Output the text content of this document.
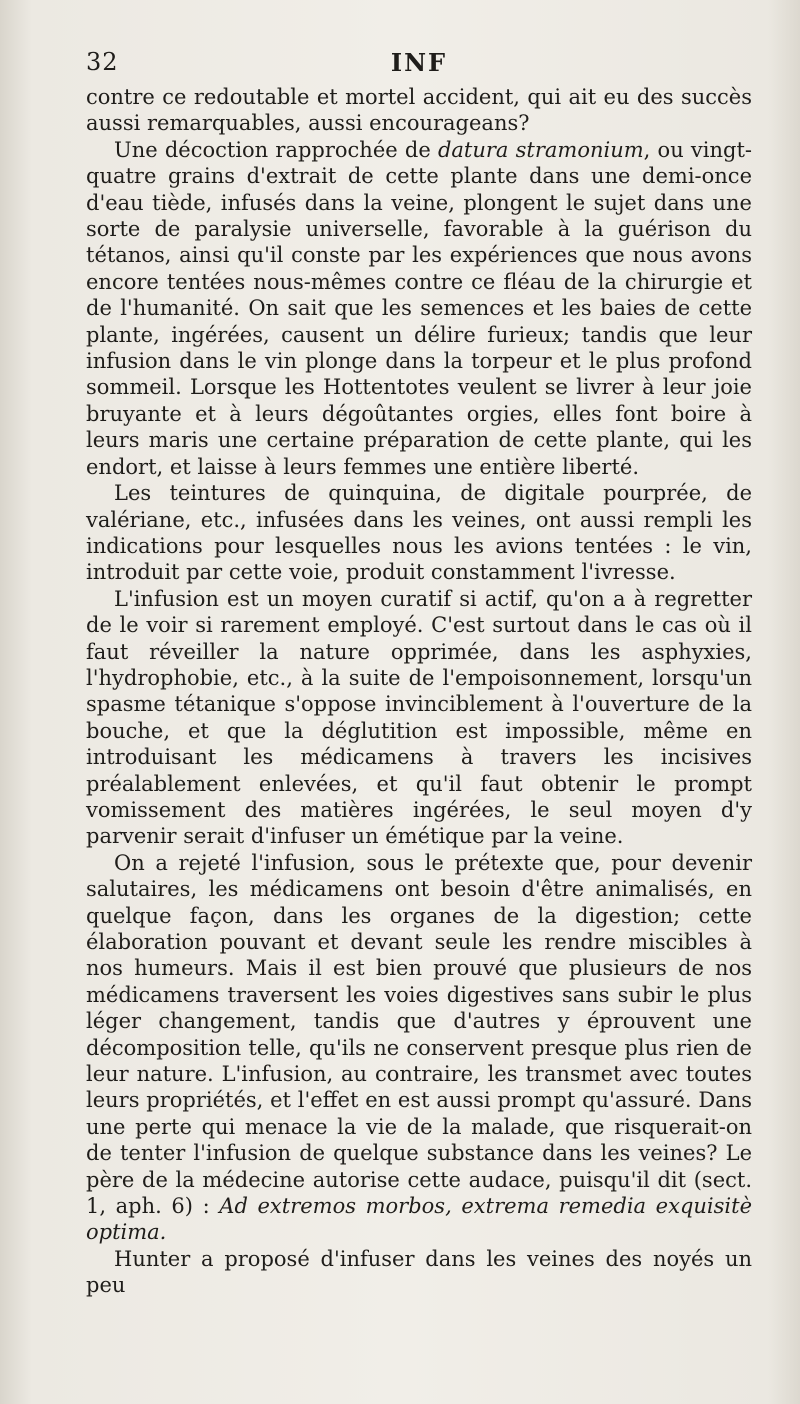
32	INF

contre ce redoutable et mortel accident, qui ait eu des succès aussi remarquables, aussi encourageans?

Une décoction rapprochée de datura stramonium, ou vingt-quatre grains d'extrait de cette plante dans une demi-once d'eau tiède, infusés dans la veine, plongent le sujet dans une sorte de paralysie universelle, favorable à la guérison du tétanos, ainsi qu'il conste par les expériences que nous avons encore tentées nous-mêmes contre ce fléau de la chirurgie et de l'humanité. On sait que les semences et les baies de cette plante, ingérées, causent un délire furieux; tandis que leur infusion dans le vin plonge dans la torpeur et le plus profond sommeil. Lorsque les Hottentotes veulent se livrer à leur joie bruyante et à leurs dégoûtantes orgies, elles font boire à leurs maris une certaine préparation de cette plante, qui les endort, et laisse à leurs femmes une entière liberté.

Les teintures de quinquina, de digitale pourprée, de valériane, etc., infusées dans les veines, ont aussi rempli les indications pour lesquelles nous les avions tentées : le vin, introduit par cette voie, produit constamment l'ivresse.

L'infusion est un moyen curatif si actif, qu'on a à regretter de le voir si rarement employé. C'est surtout dans le cas où il faut réveiller la nature opprimée, dans les asphyxies, l'hydrophobie, etc., à la suite de l'empoisonnement, lorsqu'un spasme tétanique s'oppose invinciblement à l'ouverture de la bouche, et que la déglutition est impossible, même en introduisant les médicamens à travers les incisives préalablement enlevées, et qu'il faut obtenir le prompt vomissement des matières ingérées, le seul moyen d'y parvenir serait d'infuser un émétique par la veine.

On a rejeté l'infusion, sous le prétexte que, pour devenir salutaires, les médicamens ont besoin d'être animalisés, en quelque façon, dans les organes de la digestion; cette élaboration pouvant et devant seule les rendre miscibles à nos humeurs. Mais il est bien prouvé que plusieurs de nos médicamens traversent les voies digestives sans subir le plus léger changement, tandis que d'autres y éprouvent une décomposition telle, qu'ils ne conservent presque plus rien de leur nature. L'infusion, au contraire, les transmet avec toutes leurs propriétés, et l'effet en est aussi prompt qu'assuré. Dans une perte qui menace la vie de la malade, que risquerait-on de tenter l'infusion de quelque substance dans les veines? Le père de la médecine autorise cette audace, puisqu'il dit (sect. 1, aph. 6) : Ad extremos morbos, extrema remedia exquisitè optima.

Hunter a proposé d'infuser dans les veines des noyés un peu
